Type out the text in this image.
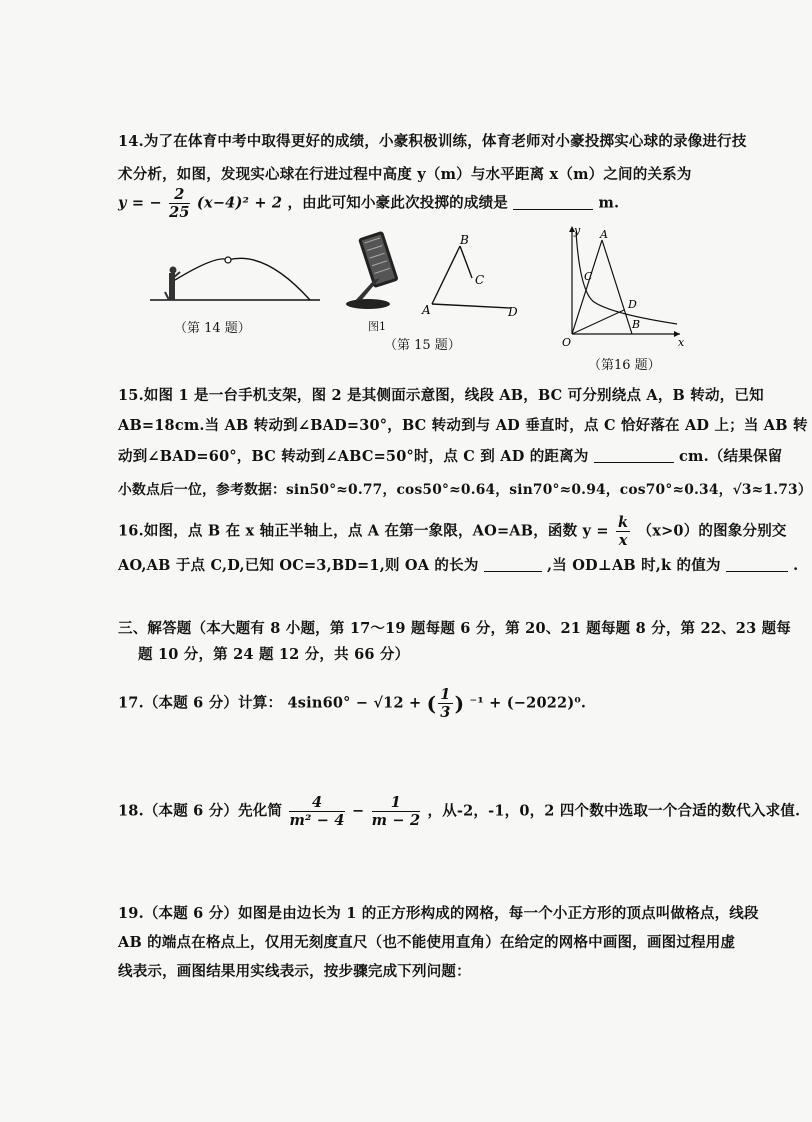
14.为了在体育中考中取得更好的成绩，小豪积极训练，体育老师对小豪投掷实心球的录像进行技
术分析，如图，发现实心球在行进过程中高度 y（m）与水平距离 x（m）之间的关系为
y = − $\frac{2}{25} (x-4)^2 + 2$ ，由此可知小豪此次投掷的成绩是	m.
（第 14 题）	图1
A
B
C
D
（第 15 题）
y
x
O
A
B
C
D
（第16 题）
15.如图 1 是一台手机支架，图 2 是其侧面示意图，线段 AB，BC 可分别绕点 A，B 转动，已知
AB=18cm.当 AB 转动到∠BAD=30°，BC 转动到与 AD 垂直时，点 C 恰好落在 AD 上；当 AB 转
动到∠BAD=60°，BC 转动到∠ABC=50°时，点 C 到 AD 的距离为	cm.（结果保留
小数点后一位，参考数据：sin50°≈0.77，cos50°≈0.64，sin70°≈0.94，cos70°≈0.34，√3≈1.73）
16.如图，点 B 在 x 轴正半轴上，点 A 在第一象限，AO=AB，函数 $y = \frac{k}{x} (x>0)$的图象分别交
AO,AB 于点 C,D,已知 OC=3,BD=1,则 OA 的长为	,当 OD⊥AB 时,k 的值为	.
三、解答题（本大题有 8 小题，第 17～19 题每题 6 分，第 20、21 题每题 8 分，第 22、23 题每
题 10 分，第 24 题 12 分，共 66 分）
17.（本题 6 分）计算： 4sin60° − √12 + ( $\frac{1}{3}$ ) ⁻¹ + (−2022)⁰.
18.（本题 6 分）先化简 $\frac{4}{\text{m² − 4}} - \frac{1}{m - 2}$ ，从-2，-1，0，2 四个数中选取一个合适的数代入求值.
19.（本题 6 分）如图是由边长为 1 的正方形构成的网格，每一个小正方形的顶点叫做格点，线段
AB 的端点在格点上，仅用无刻度直尺（也不能使用直角）在给定的网格中画图，画图过程用虚
线表示，画图结果用实线表示，按步骤完成下列问题：
